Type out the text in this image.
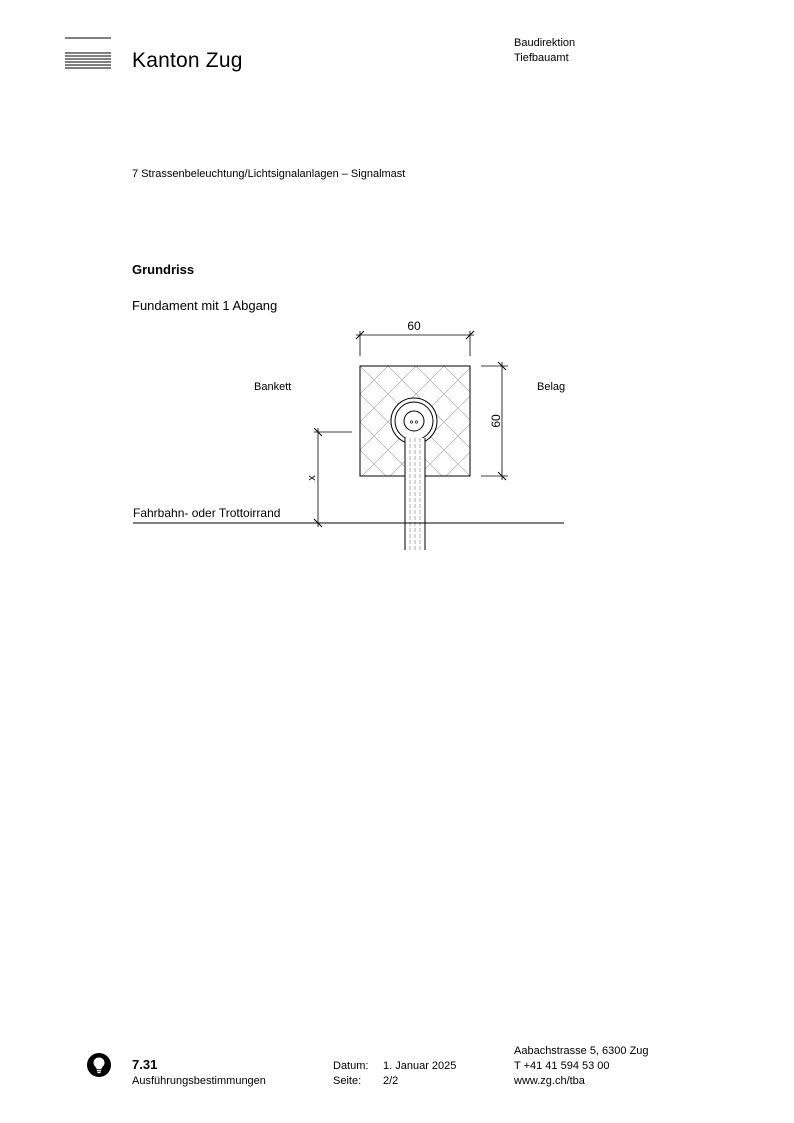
Kanton Zug
Baudirektion
Tiefbauamt
7 Strassenbeleuchtung/Lichtsignalanlagen – Signalmast
Grundriss
Fundament mit 1 Abgang
60
60
x
Bankett	Belag
Fahrbahn- oder Trottoirrand
7.31
Ausführungsbestimmungen
Datum: 1. Januar 2025
Seite: 2/2
Aabachstrasse 5, 6300 Zug
T +41 41 594 53 00
www.zg.ch/tba
